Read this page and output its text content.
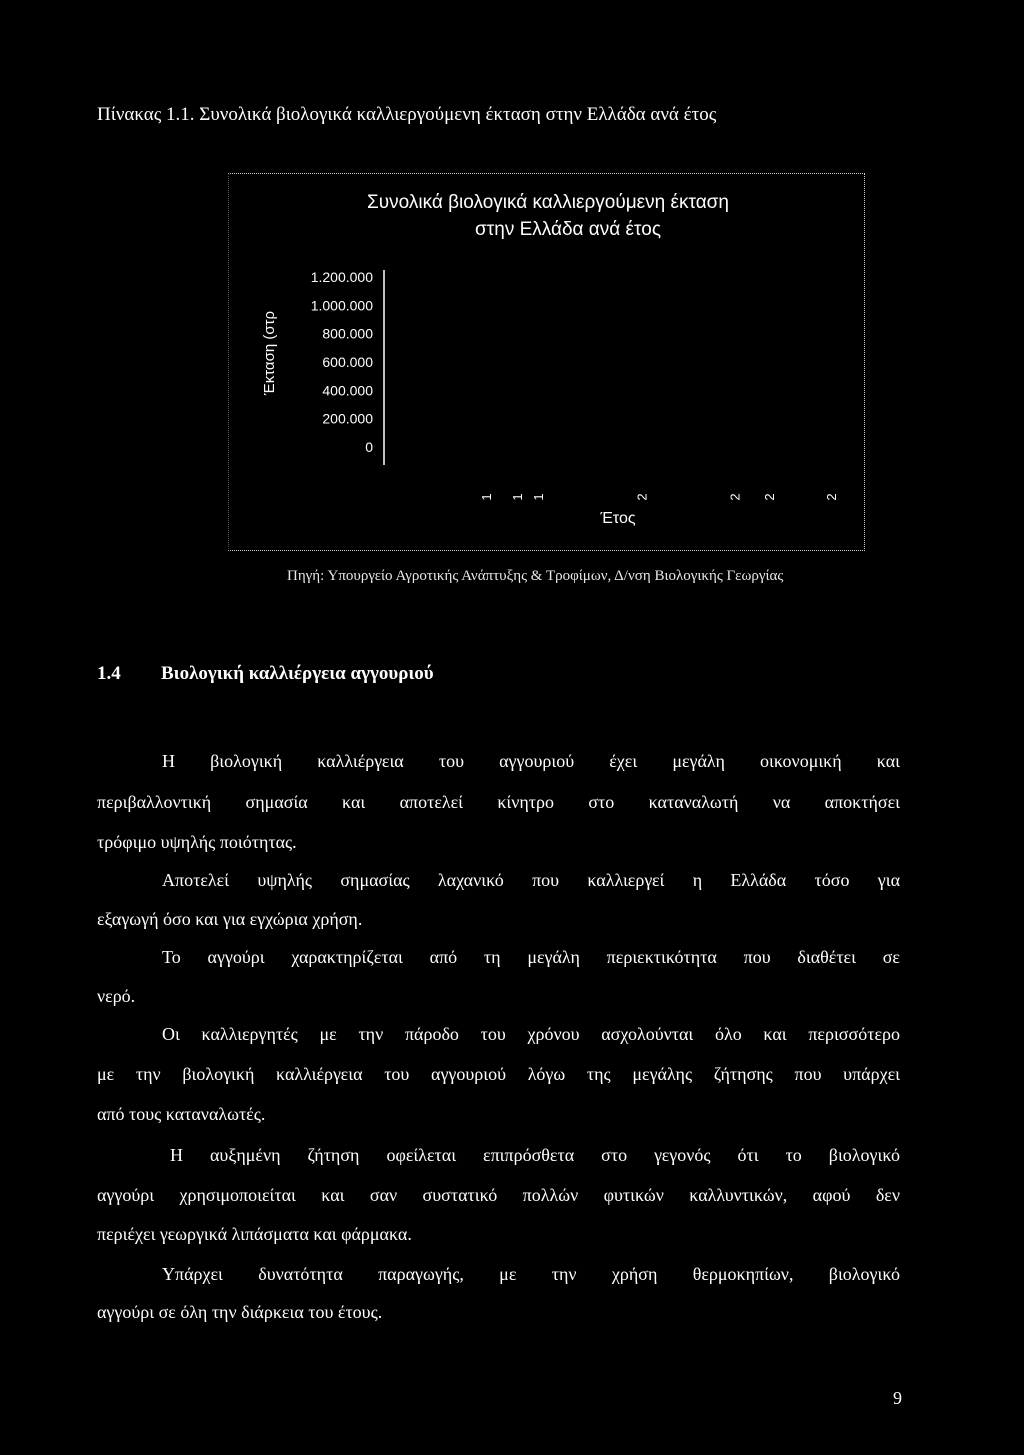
Πίνακας 1.1. Συνολικά βιολογικά καλλιεργούμενη έκταση στην Ελλάδα ανά έτος
Συνολικά βιολογικά καλλιεργούμενη έκταση
στην Ελλάδα ανά έτος
Έκταση (στρ
1.200.000
1.000.000
800.000
600.000
400.000
200.000
0
1 1 1	2	2 2	2
Έτος
Πηγή: Υπουργείο Αγροτικής Ανάπτυξης & Τροφίμων, Δ/νση Βιολογικής Γεωργίας
1.4 Βιολογική καλλιέργεια αγγουριού
Η βιολογική καλλιέργεια του αγγουριού έχει μεγάλη οικονομική και
περιβαλλοντική σημασία και αποτελεί κίνητρο στο καταναλωτή να αποκτήσει
τρόφιμο υψηλής ποιότητας.
Αποτελεί υψηλής σημασίας λαχανικό που καλλιεργεί η Ελλάδα τόσο για
εξαγωγή όσο και για εγχώρια χρήση.
Το αγγούρι χαρακτηρίζεται από τη μεγάλη περιεκτικότητα που διαθέτει σε
νερό.
Οι καλλιεργητές με την πάροδο του χρόνου ασχολούνται όλο και περισσότερο
με την βιολογική καλλιέργεια του αγγουριού λόγω της μεγάλης ζήτησης που υπάρχει
από τους καταναλωτές.
Η αυξημένη ζήτηση οφείλεται επιπρόσθετα στο γεγονός ότι το βιολογικό
αγγούρι χρησιμοποιείται και σαν συστατικό πολλών φυτικών καλλυντικών, αφού δεν
περιέχει γεωργικά λιπάσματα και φάρμακα.
Υπάρχει δυνατότητα παραγωγής, με την χρήση θερμοκηπίων, βιολογικό
αγγούρι σε όλη την διάρκεια του έτους.
9
